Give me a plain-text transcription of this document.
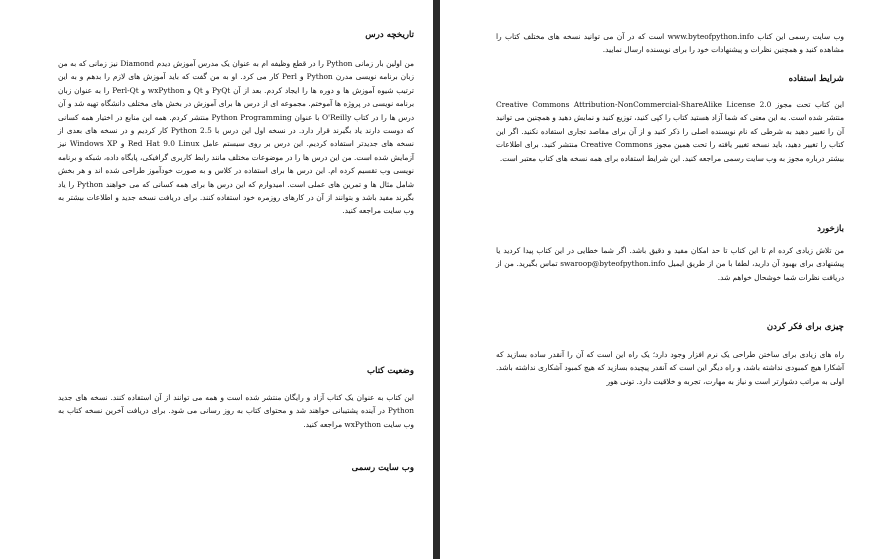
تاریخچه درس

من اولین بار زمانی Python را در قطع وظیفه ام به عنوان یک مدرس آموزش دیدم Diamond نیز زمانی که به من زبان برنامه نویسی مدرن Python و Perl کار می کرد. او به من گفت که باید آموزش های لازم را بدهم و به این ترتیب شیوه آموزش ها و دوره ها را ایجاد کردم. بعد از آن PyQt و Qt و wxPython و Perl-Qt را به عنوان زبان برنامه نویسی در پروژه ها آموختم. مجموعه ای از درس ها برای آموزش در بخش های مختلف دانشگاه تهیه شد و آن درس ها را در کتاب O'Reilly با عنوان Python Programming منتشر کردم. همه این منابع در اختیار همه کسانی که دوست دارند یاد بگیرند قرار دارد. در نسخه اول این درس با Python 2.5 کار کردیم و در نسخه های بعدی از نسخه های جدیدتر استفاده کردیم. این درس بر روی سیستم عامل Red Hat 9.0 Linux و Windows XP نیز آزمایش شده است. من این درس ها را در موضوعات مختلف مانند رابط کاربری گرافیکی، پایگاه داده، شبکه و برنامه نویسی وب تقسیم کرده ام. این درس ها برای استفاده در کلاس و به صورت خودآموز طراحی شده اند و هر بخش شامل مثال ها و تمرین های عملی است. امیدوارم که این درس ها برای همه کسانی که می خواهند Python را یاد بگیرند مفید باشد و بتوانند از آن در کارهای روزمره خود استفاده کنند. برای دریافت نسخه جدید و اطلاعات بیشتر به وب سایت مراجعه کنید.

وضعیت کتاب

این کتاب به عنوان یک کتاب آزاد و رایگان منتشر شده است و همه می توانند از آن استفاده کنند. نسخه های جدید Python در آینده پشتیبانی خواهند شد و محتوای کتاب به روز رسانی می شود. برای دریافت آخرین نسخه کتاب به وب سایت wxPython مراجعه کنید.

وب سایت رسمی

وب سایت رسمی این کتاب www.byteofpython.info است که در آن می توانید نسخه های مختلف کتاب را مشاهده کنید و همچنین نظرات و پیشنهادات خود را برای نویسنده ارسال نمایید.

شرایط استفاده

این کتاب تحت مجوز Creative Commons Attribution-NonCommercial-ShareAlike License 2.0 منتشر شده است. به این معنی که شما آزاد هستید کتاب را کپی کنید، توزیع کنید و نمایش دهید و همچنین می توانید آن را تغییر دهید به شرطی که نام نویسنده اصلی را ذکر کنید و از آن برای مقاصد تجاری استفاده نکنید. اگر این کتاب را تغییر دهید، باید نسخه تغییر یافته را تحت همین مجوز Creative Commons منتشر کنید. برای اطلاعات بیشتر درباره مجوز به وب سایت رسمی مراجعه کنید. این شرایط استفاده برای همه نسخه های کتاب معتبر است.

بازخورد

من تلاش زیادی کرده ام تا این کتاب تا حد امکان مفید و دقیق باشد. اگر شما خطایی در این کتاب پیدا کردید یا پیشنهادی برای بهبود آن دارید، لطفا با من از طریق ایمیل swaroop@byteofpython.info تماس بگیرید. من از دریافت نظرات شما خوشحال خواهم شد.

چیزی برای فکر کردن

راه های زیادی برای ساختن طراحی یک نرم افزار وجود دارد؛ یک راه این است که آن را آنقدر ساده بسازید که آشکارا هیچ کمبودی نداشته باشد، و راه دیگر این است که آنقدر پیچیده بسازید که هیچ کمبود آشکاری نداشته باشد. اولی به مراتب دشوارتر است و نیاز به مهارت، تجربه و خلاقیت دارد. تونی هور
